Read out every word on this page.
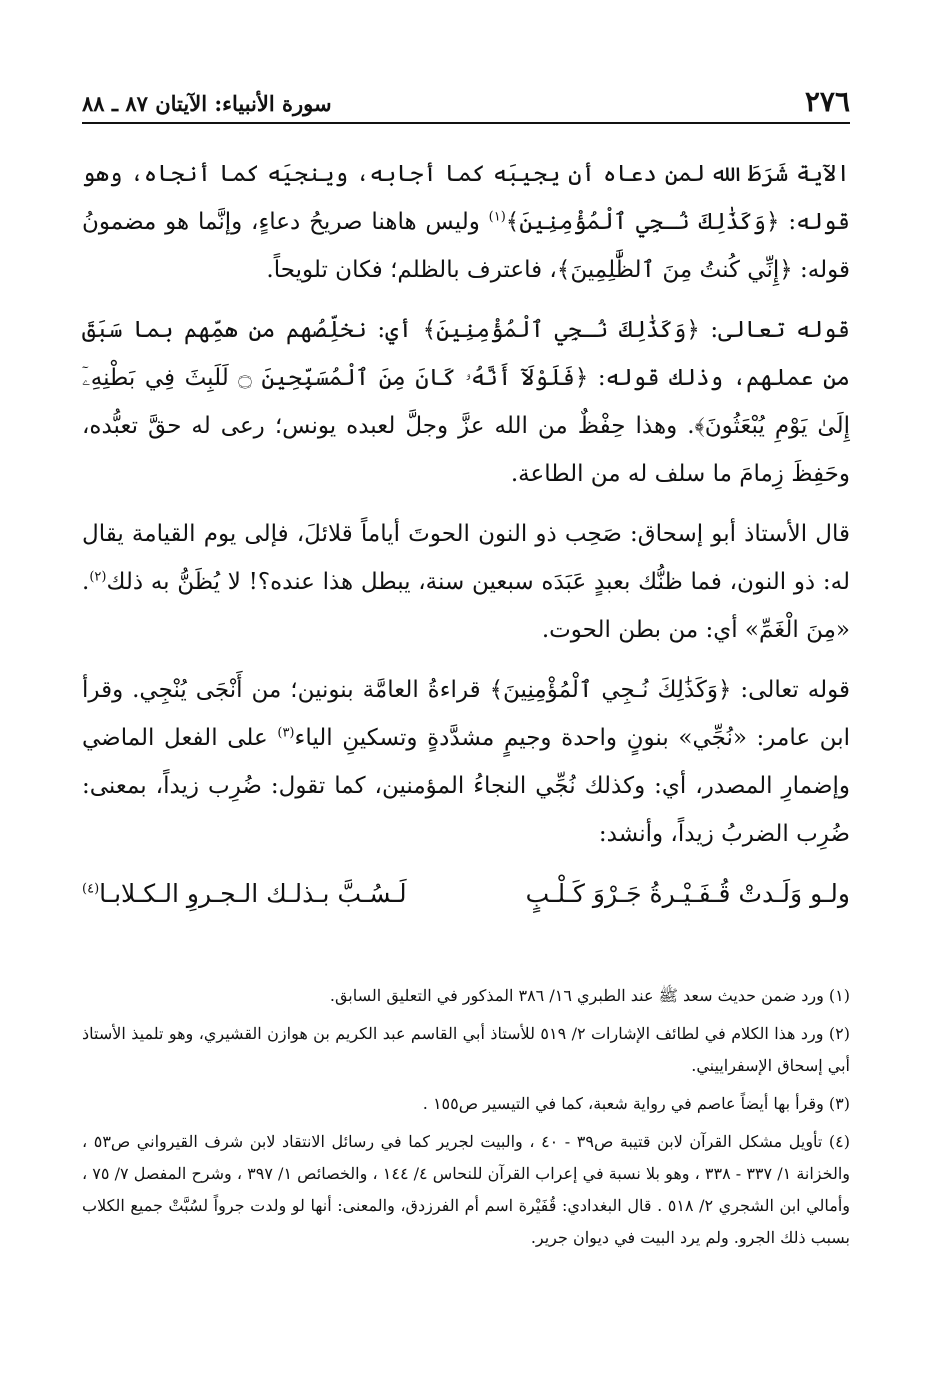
٢٧٦
سورة الأنبياء: الآيتان ٨٧ ـ ٨٨

الآية شَرَطَ الله لمن دعاه أن يجيبَه كما أجابه، وينجيَه كما أنجاه، وهو قوله: ﴿وَكَذَٰلِكَ نُـجِي ٱلْمُؤْمِنِينَ﴾$^{(١)}$ وليس هاهنا صريحُ دعاءٍ، وإنَّما هو مضمونُ قوله: ﴿إِنِّي كُنتُ مِنَ ٱلظَّٰلِمِينَ﴾، فاعترف بالظلم؛ فكان تلويحاً.

قوله تعالى: ﴿وَكَذَٰلِكَ نُـجِي ٱلْمُؤْمِنِينَ﴾ أي: نخلِّصُهم من همِّهم بما سَبَقَ من عملهم، وذلك قوله: ﴿فَلَوْلَآ أَنَّهُۥ كَانَ مِنَ ٱلْمُسَبِّحِينَ ۝ لَلَبِثَ فِي بَطْنِهِۦٓ إِلَىٰ يَوْمِ يُبْعَثُونَ﴾. وهذا حِفْظٌ من الله عزَّ وجلَّ لعبده يونس؛ رعى له حقَّ تعبُّده، وحَفِظَ زِمامَ ما سلف له من الطاعة.

قال الأستاذ أبو إسحاق: صَحِب ذو النون الحوتَ أياماً قلائلَ، فإلى يوم القيامة يقال له: ذو النون، فما ظنُّك بعبدٍ عَبَدَه سبعين سنة، يبطل هذا عنده؟! لا يُظَنُّ به ذلك$^{(٢)}$. «مِنَ الْغَمِّ» أي: من بطن الحوت.

قوله تعالى: ﴿وَكَذَٰلِكَ نُـجِي ٱلْمُؤْمِنِينَ﴾ قراءةُ العامَّة بنونين؛ من أَنْجَى يُنْجِي. وقرأ ابن عامر: «نُجِّي» بنونٍ واحدة وجيمٍ مشدَّدةٍ وتسكينِ الياء$^{(٣)}$ على الفعل الماضي وإضمارِ المصدر، أي: وكذلك نُجِّي النجاءُ المؤمنين، كما تقول: ضُرِب زيداً، بمعنى: ضُرِب الضربُ زيداً، وأنشد:

ولـو وَلَـدتْ قُـفَـيْـرةُ جَـرْوَ كَـلْـبٍ
لَـسُـبَّ بـذلـك الـجـروِ الـكـلابـا$^{(٤)}$

(١) ورد ضمن حديث سعد ﷺ عند الطبري ١٦/ ٣٨٦ المذكور في التعليق السابق.

(٢) ورد هذا الكلام في لطائف الإشارات ٢/ ٥١٩ للأستاذ أبي القاسم عبد الكريم بن هوازن القشيري، وهو تلميذ الأستاذ أبي إسحاق الإسفراييني.

(٣) وقرأ بها أيضاً عاصم في رواية شعبة، كما في التيسير ص١٥٥ .

(٤) تأويل مشكل القرآن لابن قتيبة ص٣٩ - ٤٠ ، والبيت لجرير كما في رسائل الانتقاد لابن شرف القيرواني ص٥٣ ، والخزانة ١/ ٣٣٧ - ٣٣٨ ، وهو بلا نسبة في إعراب القرآن للنحاس ٤/ ١٤٤ ، والخصائص ١/ ٣٩٧ ، وشرح المفصل ٧/ ٧٥ ، وأمالي ابن الشجري ٢/ ٥١٨ . قال البغدادي: قُفَيْرة اسم أم الفرزدق، والمعنى: أنها لو ولدت جرواً لسُبَّتْ جميع الكلاب بسبب ذلك الجرو. ولم يرد البيت في ديوان جرير.
